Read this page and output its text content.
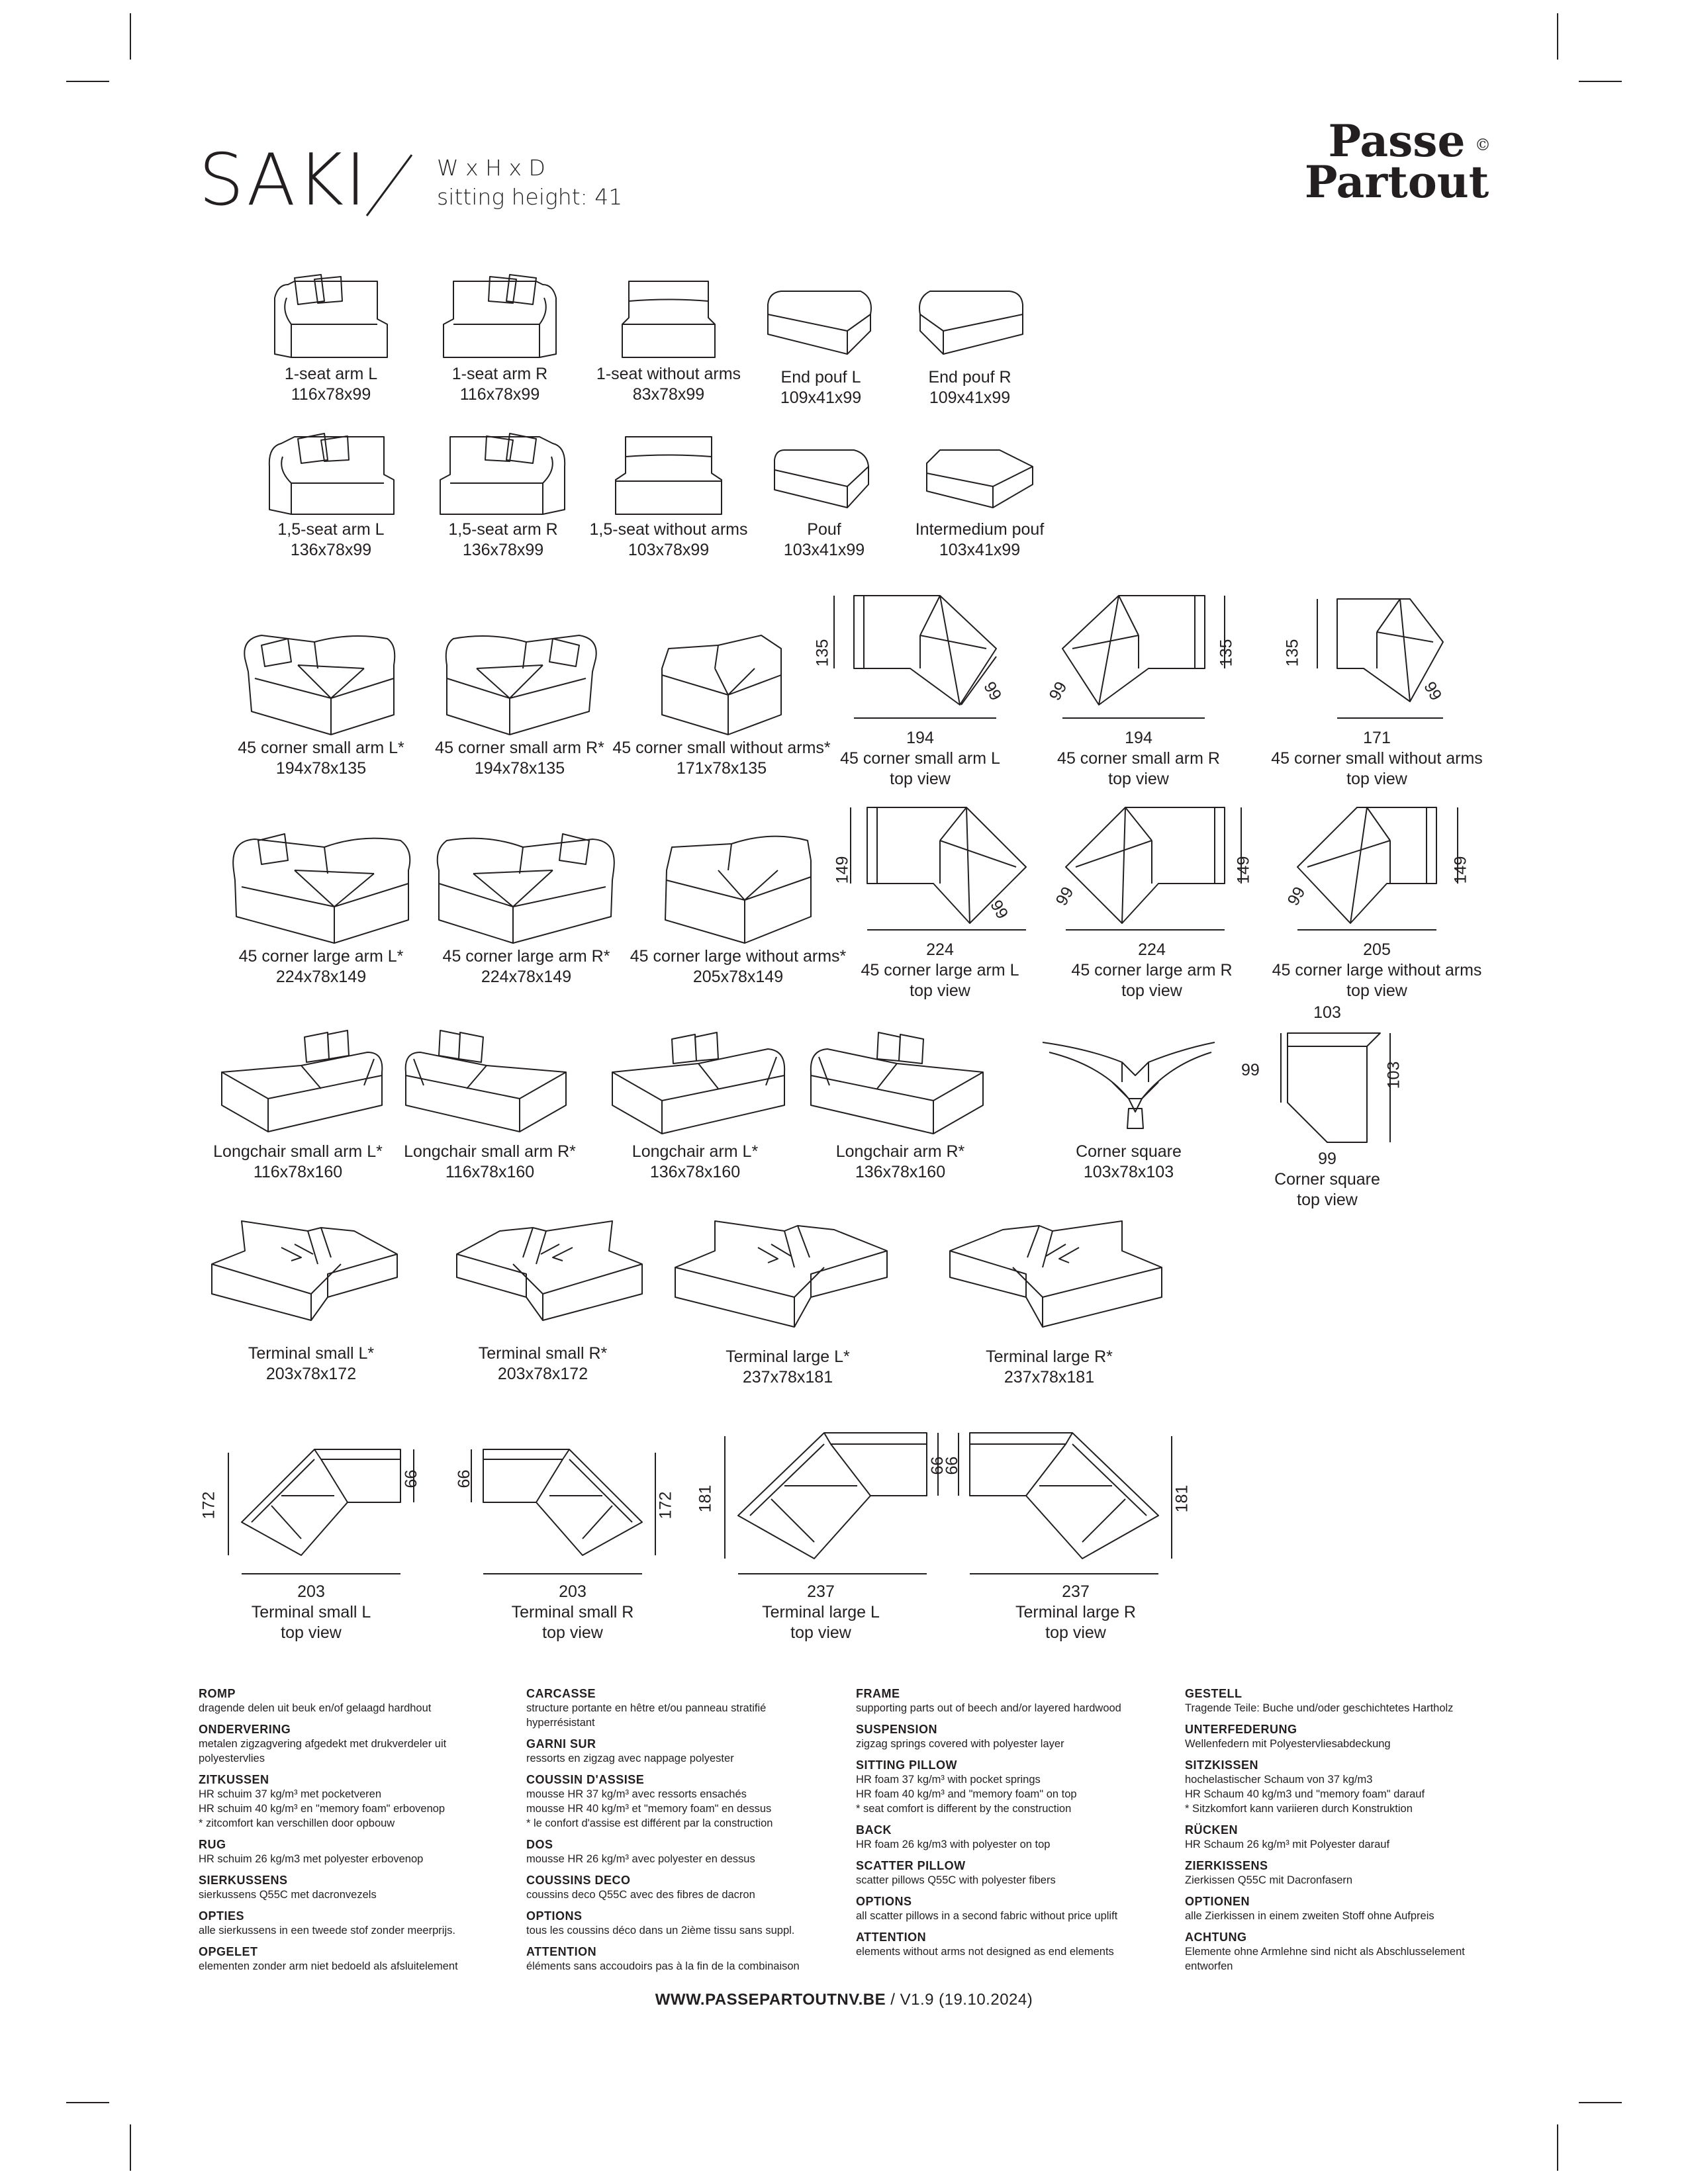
SAKI	W x H x D
sitting height: 41
Passe
Partout
©
1-seat arm L
116x78x99
1-seat arm R
116x78x99
1-seat without arms
83x78x99
End pouf L
109x41x99
End pouf R
109x41x99
1,5-seat arm L
136x78x99
1,5-seat arm R
136x78x99
1,5-seat without arms
103x78x99
Pouf
103x41x99
Intermedium pouf
103x41x99
45 corner small arm L*
194x78x135
45 corner small arm R*
194x78x135
45 corner small without arms*
171x78x135
135
99
194
45 corner small arm L
top view
135
99
194
45 corner small arm R
top view
135
99
171
45 corner small without arms
top view
45 corner large arm L*
224x78x149
45 corner large arm R*
224x78x149
45 corner large without arms*
205x78x149
149
99
224
45 corner large arm L
top view
149
99
224
45 corner large arm R
top view
149
99
205
45 corner large without arms
top view
Longchair small arm L*
116x78x160
Longchair small arm R*
116x78x160
Longchair arm L*
136x78x160
Longchair arm R*
136x78x160
Corner square
103x78x103
103
99	103
99
Corner square
top view
Terminal small L*
203x78x172
Terminal small R*
203x78x172
Terminal large L*
237x78x181
Terminal large R*
237x78x181
172
99
203
Terminal small L
top view
172
99
203
Terminal small R
top view
181
99
237
Terminal large L
top view
181
99
237
Terminal large R
top view
ROMP

dragende delen uit beuk en/of gelaagd hardhout

ONDERVERING

metalen zigzagvering afgedekt met drukverdeler uit
polyestervlies

ZITKUSSEN

HR schuim 37 kg/m³ met pocketveren
HR schuim 40 kg/m³ en "memory foam" erbovenop
* zitcomfort kan verschillen door opbouw

RUG

HR schuim 26 kg/m3 met polyester erbovenop

SIERKUSSENS

sierkussens Q55C met dacronvezels

OPTIES

alle sierkussens in een tweede stof zonder meerprijs.

OPGELET

elementen zonder arm niet bedoeld als afsluitelement

CARCASSE

structure portante en hêtre et/ou panneau stratifié
hyperrésistant

GARNI SUR

ressorts en zigzag avec nappage polyester

COUSSIN D'ASSISE

mousse HR 37 kg/m³ avec ressorts ensachés
mousse HR 40 kg/m³ et "memory foam" en dessus
* le confort d'assise est différent par la construction

DOS

mousse HR 26 kg/m³ avec polyester en dessus

COUSSINS DECO

coussins deco Q55C avec des fibres de dacron

OPTIONS

tous les coussins déco dans un 2ième tissu sans suppl.

ATTENTION

éléments sans accoudoirs pas à la fin de la combinaison

FRAME

supporting parts out of beech and/or layered hardwood

SUSPENSION

zigzag springs covered with polyester layer

SITTING PILLOW

HR foam 37 kg/m³ with pocket springs
HR foam 40 kg/m³ and "memory foam" on top
* seat comfort is different by the construction

BACK

HR foam 26 kg/m3 with polyester on top

SCATTER PILLOW

scatter pillows Q55C with polyester fibers

OPTIONS

all scatter pillows in a second fabric without price uplift

ATTENTION

elements without arms not designed as end elements

GESTELL

Tragende Teile: Buche und/oder geschichtetes Hartholz

UNTERFEDERUNG

Wellenfedern mit Polyestervliesabdeckung

SITZKISSEN

hochelastischer Schaum von 37 kg/m3
HR Schaum 40 kg/m3 und "memory foam" darauf
* Sitzkomfort kann variieren durch Konstruktion

RÜCKEN

HR Schaum 26 kg/m³ mit Polyester darauf

ZIERKISSENS

Zierkissen Q55C mit Dacronfasern

OPTIONEN

alle Zierkissen in einem zweiten Stoff ohne Aufpreis

ACHTUNG

Elemente ohne Armlehne sind nicht als Abschlusselement
entworfen

WWW.PASSEPARTOUTNV.BE / V1.9 (19.10.2024)
